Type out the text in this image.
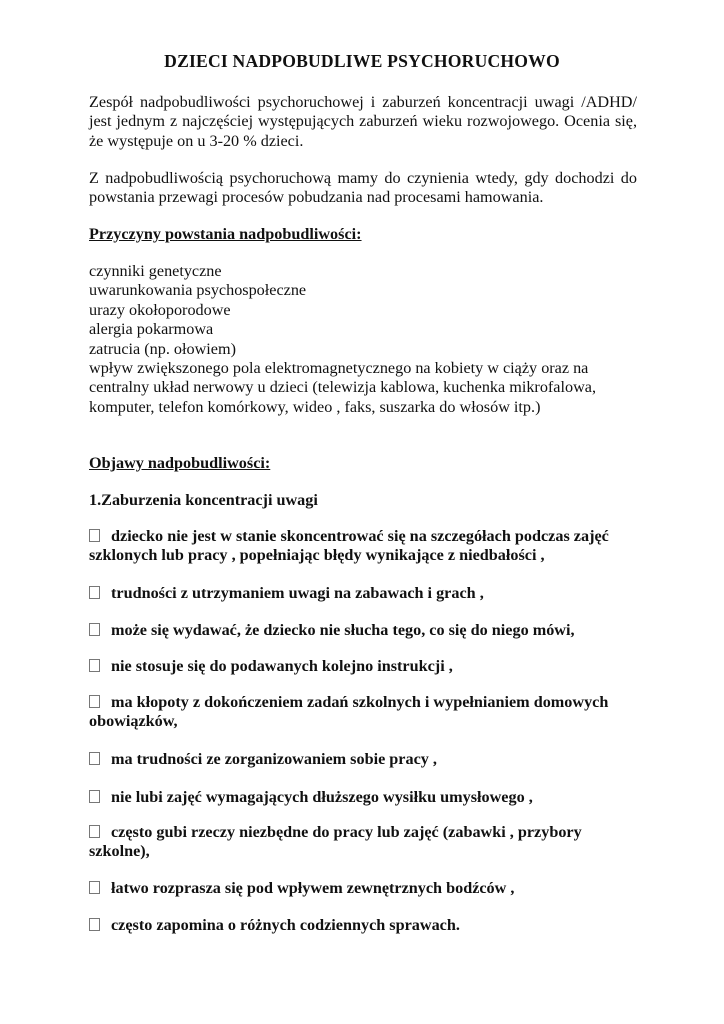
DZIECI NADPOBUDLIWE PSYCHORUCHOWO
Zespół nadpobudliwości psychoruchowej i zaburzeń koncentracji uwagi /ADHD/ jest jednym z najczęściej występujących zaburzeń wieku rozwojowego. Ocenia się, że występuje on u 3-20 % dzieci.
Z nadpobudliwością psychoruchową mamy do czynienia wtedy, gdy dochodzi do powstania przewagi procesów pobudzania nad procesami hamowania.
Przyczyny powstania nadpobudliwości:
czynniki genetyczne
uwarunkowania psychospołeczne
urazy okołoporodowe
alergia pokarmowa
zatrucia (np. ołowiem)
wpływ zwiększonego pola elektromagnetycznego na kobiety w ciąży oraz na
centralny układ nerwowy u dzieci (telewizja kablowa, kuchenka mikrofalowa,
komputer, telefon komórkowy, wideo , faks, suszarka do włosów itp.)
Objawy nadpobudliwości:
1.Zaburzenia koncentracji uwagi
dziecko nie jest w stanie skoncentrować się na szczegółach podczas zajęć
szklonych lub pracy , popełniając błędy wynikające z niedbałości ,
trudności z utrzymaniem uwagi na zabawach i grach ,
może się wydawać, że dziecko nie słucha tego, co się do niego mówi,
nie stosuje się do podawanych kolejno instrukcji ,
ma kłopoty z dokończeniem zadań szkolnych i wypełnianiem domowych
obowiązków,
ma trudności ze zorganizowaniem sobie pracy ,
nie lubi zajęć wymagających dłuższego wysiłku umysłowego ,
często gubi rzeczy niezbędne do pracy lub zajęć (zabawki , przybory
szkolne),
łatwo rozprasza się pod wpływem zewnętrznych bodźców ,
często zapomina o różnych codziennych sprawach.
